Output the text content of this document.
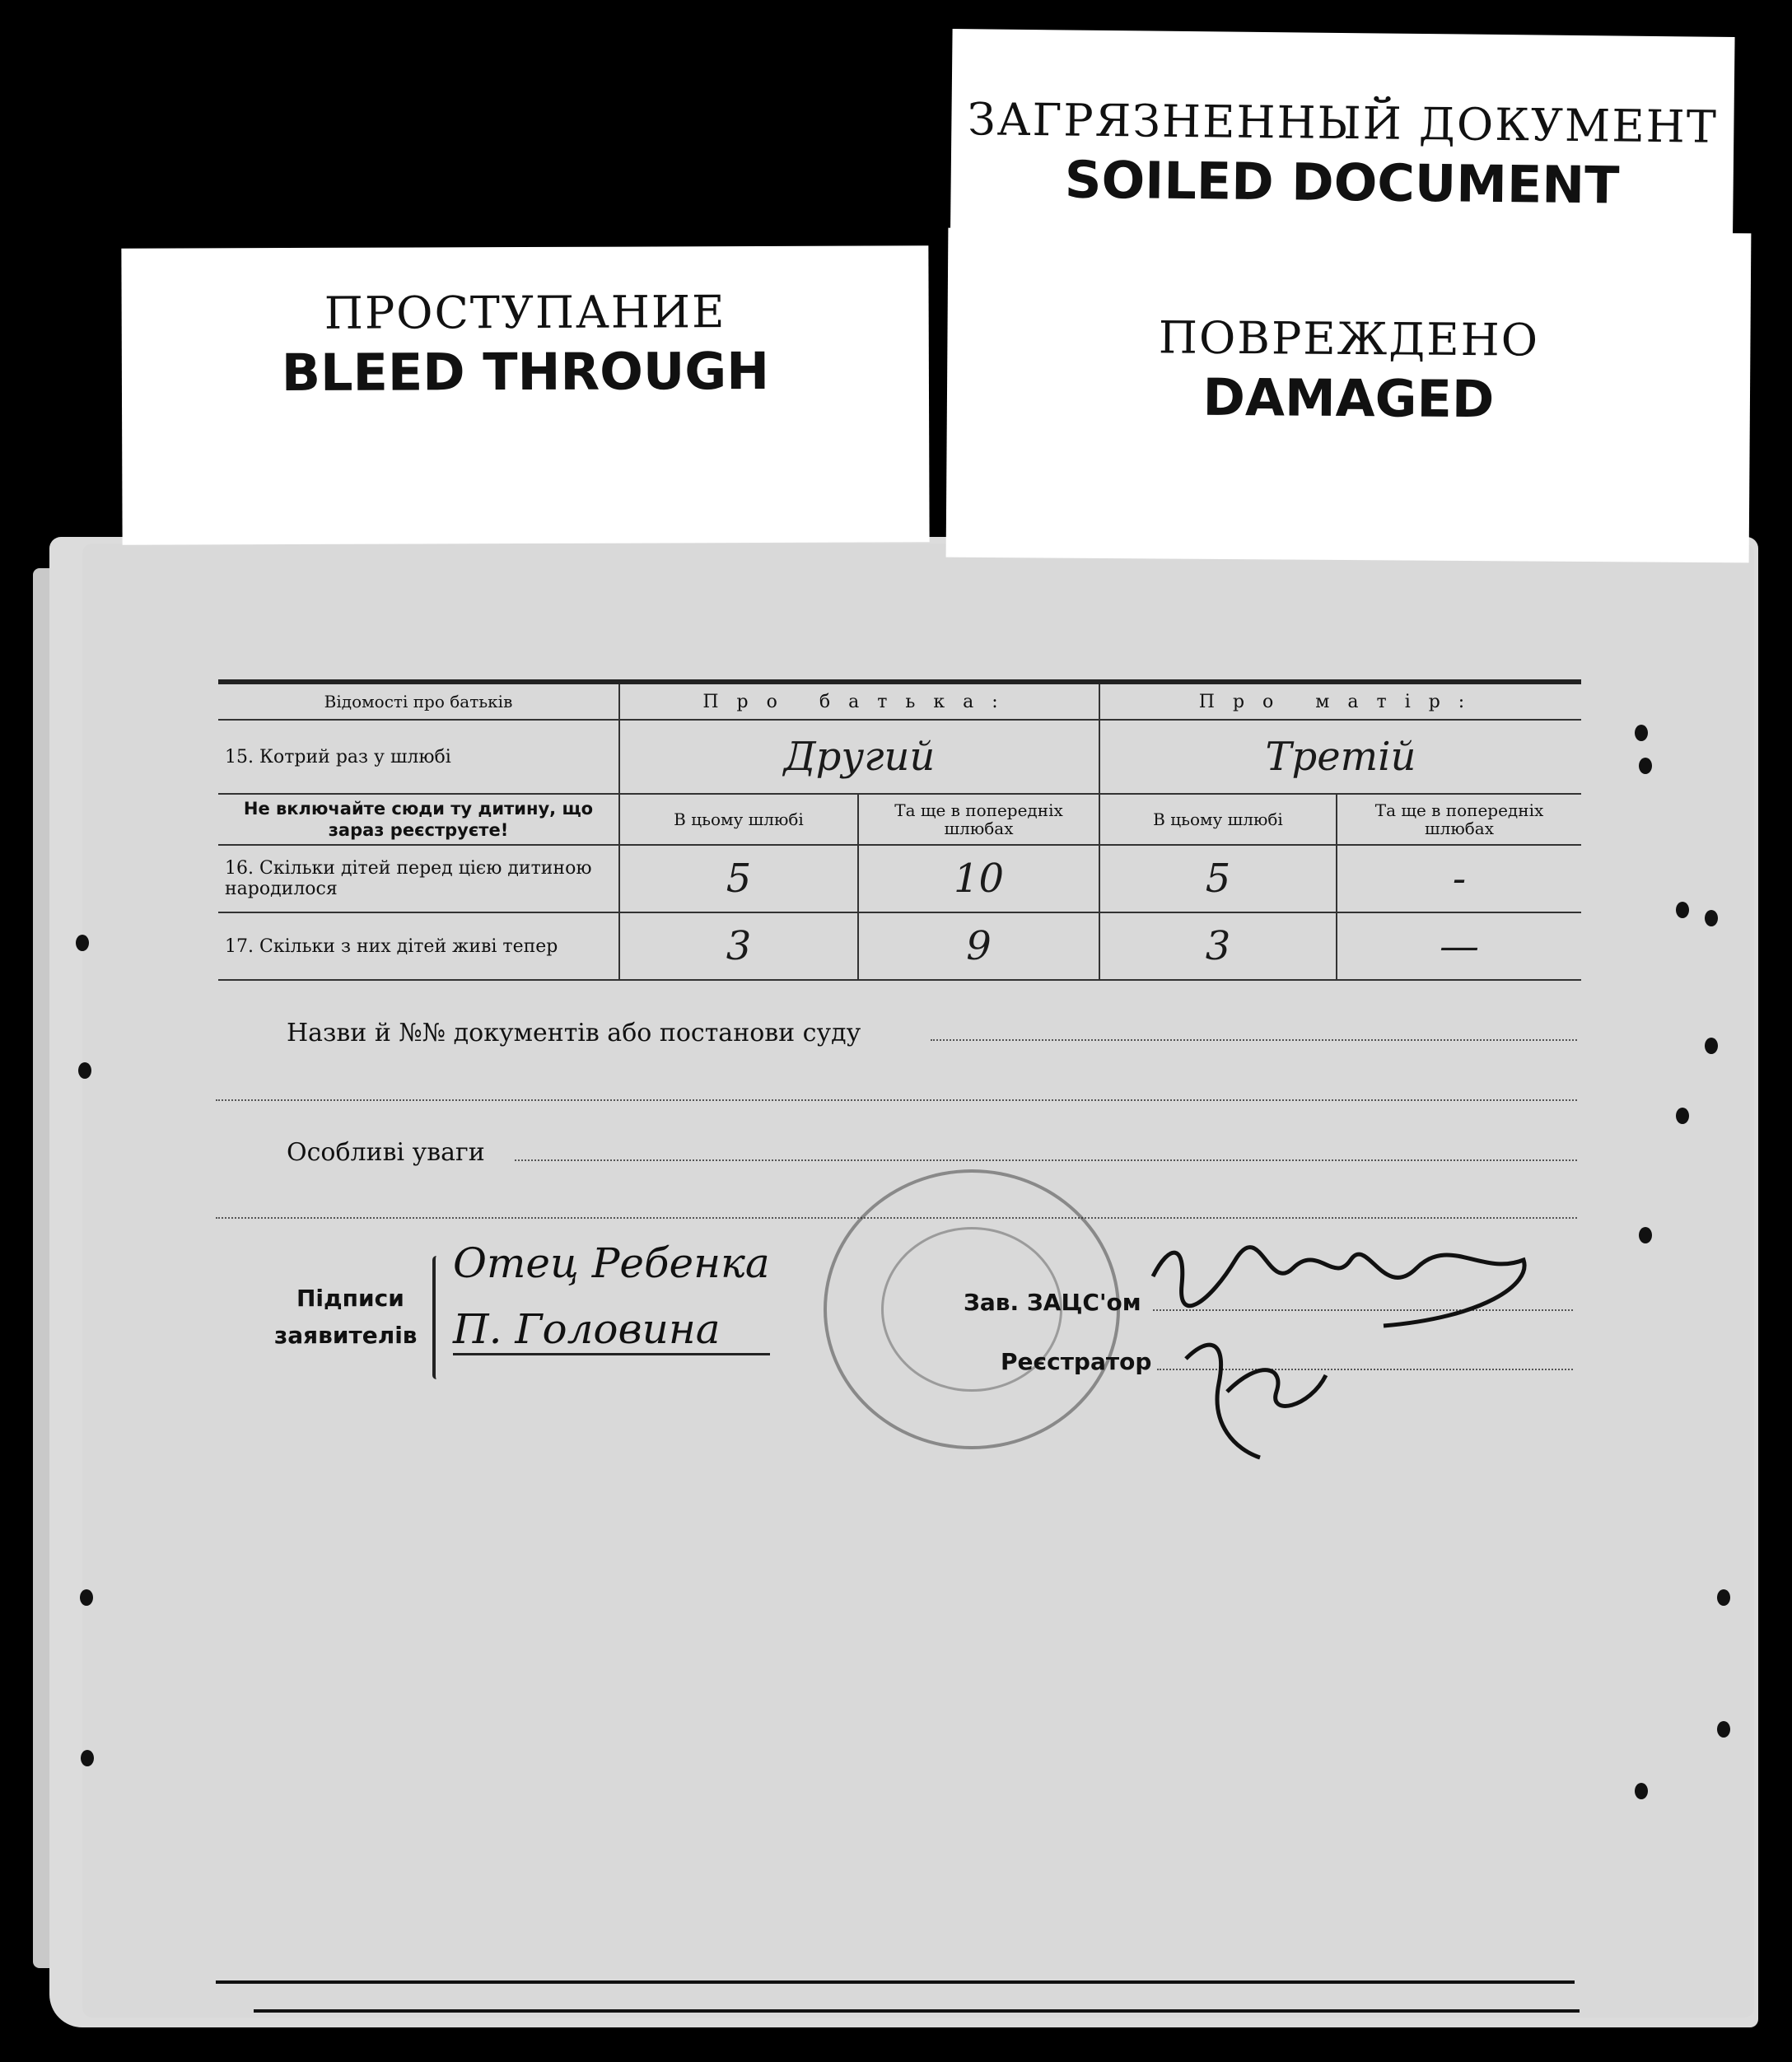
ЗАГРЯЗНЕННЫЙ ДОКУМЕНТ
SOILED DOCUMENT
ПОВРЕЖДЕНО
DAMAGED
ПРОСТУПАНИЕ
BLEED THROUGH
Відомості про батьків	Про батька:		Про матір:	
15. Котрий раз у шлюбі	Другий		Третій	
Не включайте сюди ту дитину, що зараз реєструєте!	В цьому шлюбі	Та ще в попередніх шлюбах	В цьому шлюбі	Та ще в попередніх шлюбах
16. Скільки дітей перед цією дитиною народилося	5	10	5	-
17. Скільки з них дітей живі тепер	3	9	3	—
Назви й №№ документів або постанови суду
Особливі уваги
Підписи
заявителів
Отец Ребенка
П. Головина
Зав. ЗАЦС'ом
Реєстратор
